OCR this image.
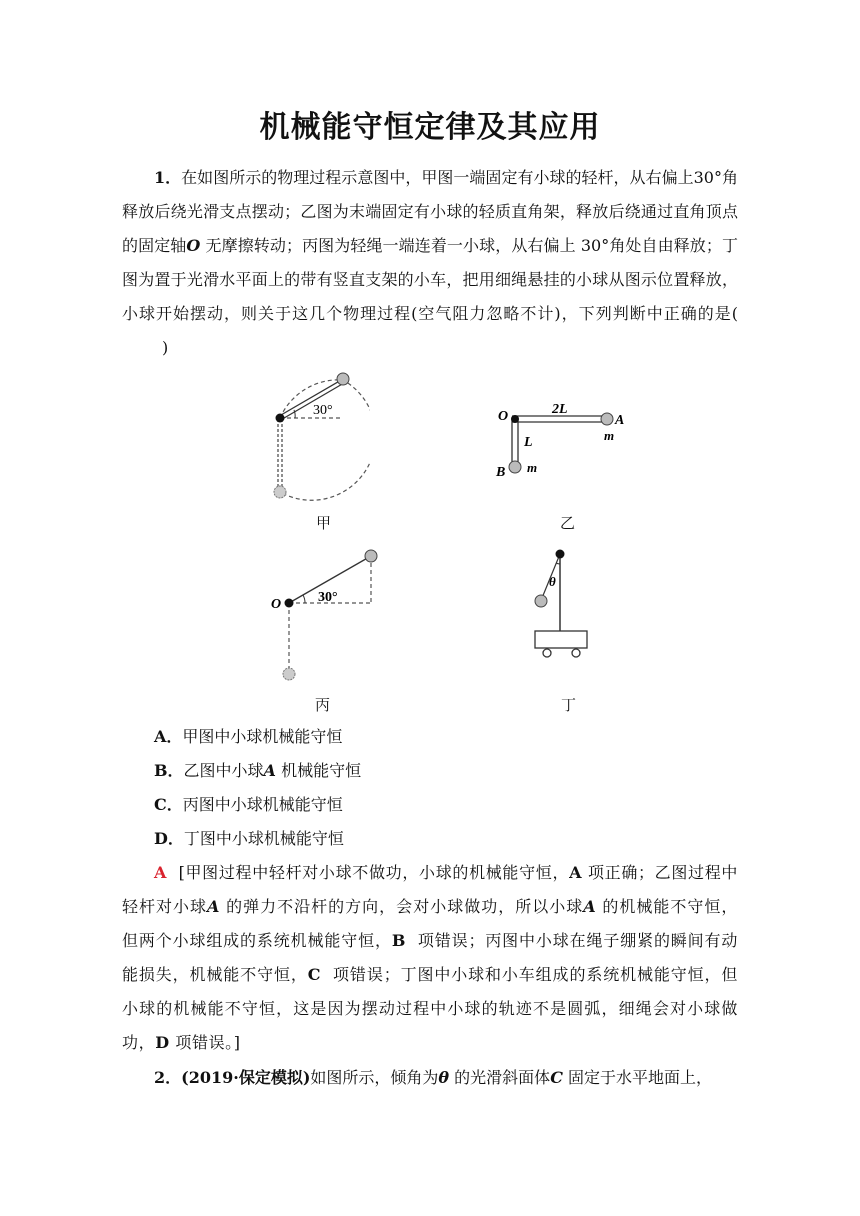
机械能守恒定律及其应用

1．在如图所示的物理过程示意图中，甲图一端固定有小球的轻杆，从右偏上30°角释放后绕光滑支点摆动；乙图为末端固定有小球的轻质直角架，释放后绕通过直角顶点的固定轴O 无摩擦转动；丙图为轻绳一端连着一小球，从右偏上 30°角处自由释放；丁图为置于光滑水平面上的带有竖直支架的小车，把用细绳悬挂的小球从图示位置释放，小球开始摆动，则关于这几个物理过程(空气阻力忽略不计)，下列判断中正确的是()

30°
甲
O	2L
A
m
L
B m
乙
30°
O
丙
θ
丁
A．甲图中小球机械能守恒
B．乙图中小球A 机械能守恒
C．丙图中小球机械能守恒
D．丁图中小球机械能守恒

A [甲图过程中轻杆对小球不做功，小球的机械能守恒，A 项正确；乙图过程中轻杆对小球A 的弹力不沿杆的方向，会对小球做功，所以小球A 的机械能不守恒，但两个小球组成的系统机械能守恒，B 项错误；丙图中小球在绳子绷紧的瞬间有动能损失，机械能不守恒，C 项错误；丁图中小球和小车组成的系统机械能守恒，但小球的机械能不守恒，这是因为摆动过程中小球的轨迹不是圆弧，细绳会对小球做功，D 项错误。]

2．(2019·保定模拟)如图所示，倾角为θ 的光滑斜面体C 固定于水平地面上，
